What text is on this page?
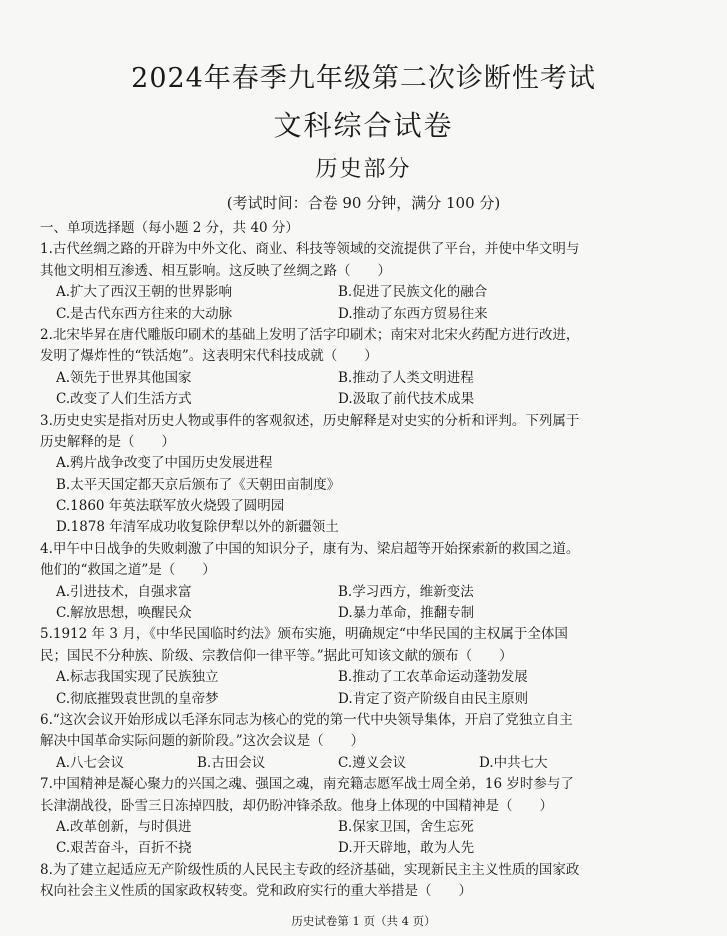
2024年春季九年级第二次诊断性考试
文科综合试卷
历史部分
(考试时间：合卷 90 分钟，满分 100 分)
一、单项选择题（每小题 2 分，共 40 分）
1.古代丝绸之路的开辟为中外文化、商业、科技等领域的交流提供了平台，并使中华文明与
其他文明相互渗透、相互影响。这反映了丝绸之路（　　）
A.扩大了西汉王朝的世界影响	B.促进了民族文化的融合
C.是古代东西方往来的大动脉	D.推动了东西方贸易往来
2.北宋毕昇在唐代雕版印刷术的基础上发明了活字印刷术；南宋对北宋火药配方进行改进，
发明了爆炸性的“铁活炮”。这表明宋代科技成就（　　）
A.领先于世界其他国家	B.推动了人类文明进程
C.改变了人们生活方式	D.汲取了前代技术成果
3.历史史实是指对历史人物或事件的客观叙述，历史解释是对史实的分析和评判。下列属于
历史解释的是（　　）
A.鸦片战争改变了中国历史发展进程
B.太平天国定都天京后颁布了《天朝田亩制度》
C.1860 年英法联军放火烧毁了圆明园
D.1878 年清军成功收复除伊犁以外的新疆领土
4.甲午中日战争的失败刺激了中国的知识分子，康有为、梁启超等开始探索新的救国之道。
他们的“救国之道”是（　　）
A.引进技术，自强求富	B.学习西方，维新变法
C.解放思想，唤醒民众	D.暴力革命，推翻专制
5.1912 年 3 月，《中华民国临时约法》颁布实施，明确规定“中华民国的主权属于全体国
民；国民不分种族、阶级、宗教信仰一律平等。”据此可知该文献的颁布（　　）
A.标志我国实现了民族独立	B.推动了工农革命运动蓬勃发展
C.彻底摧毁袁世凯的皇帝梦	D.肯定了资产阶级自由民主原则
6.“这次会议开始形成以毛泽东同志为核心的党的第一代中央领导集体，开启了党独立自主
解决中国革命实际问题的新阶段。”这次会议是（　　）
A.八七会议	B.古田会议	C.遵义会议	D.中共七大
7.中国精神是凝心聚力的兴国之魂、强国之魂，南充籍志愿军战士周全弟，16 岁时参与了
长津湖战役，卧雪三日冻掉四肢，却仍盼冲锋杀敌。他身上体现的中国精神是（　　）
A.改革创新，与时俱进	B.保家卫国，舍生忘死
C.艰苦奋斗，百折不挠	D.开天辟地，敢为人先
8.为了建立起适应无产阶级性质的人民民主专政的经济基础，实现新民主主义性质的国家政
权向社会主义性质的国家政权转变。党和政府实行的重大举措是（　　）
历史试卷第 1 页（共 4 页）
